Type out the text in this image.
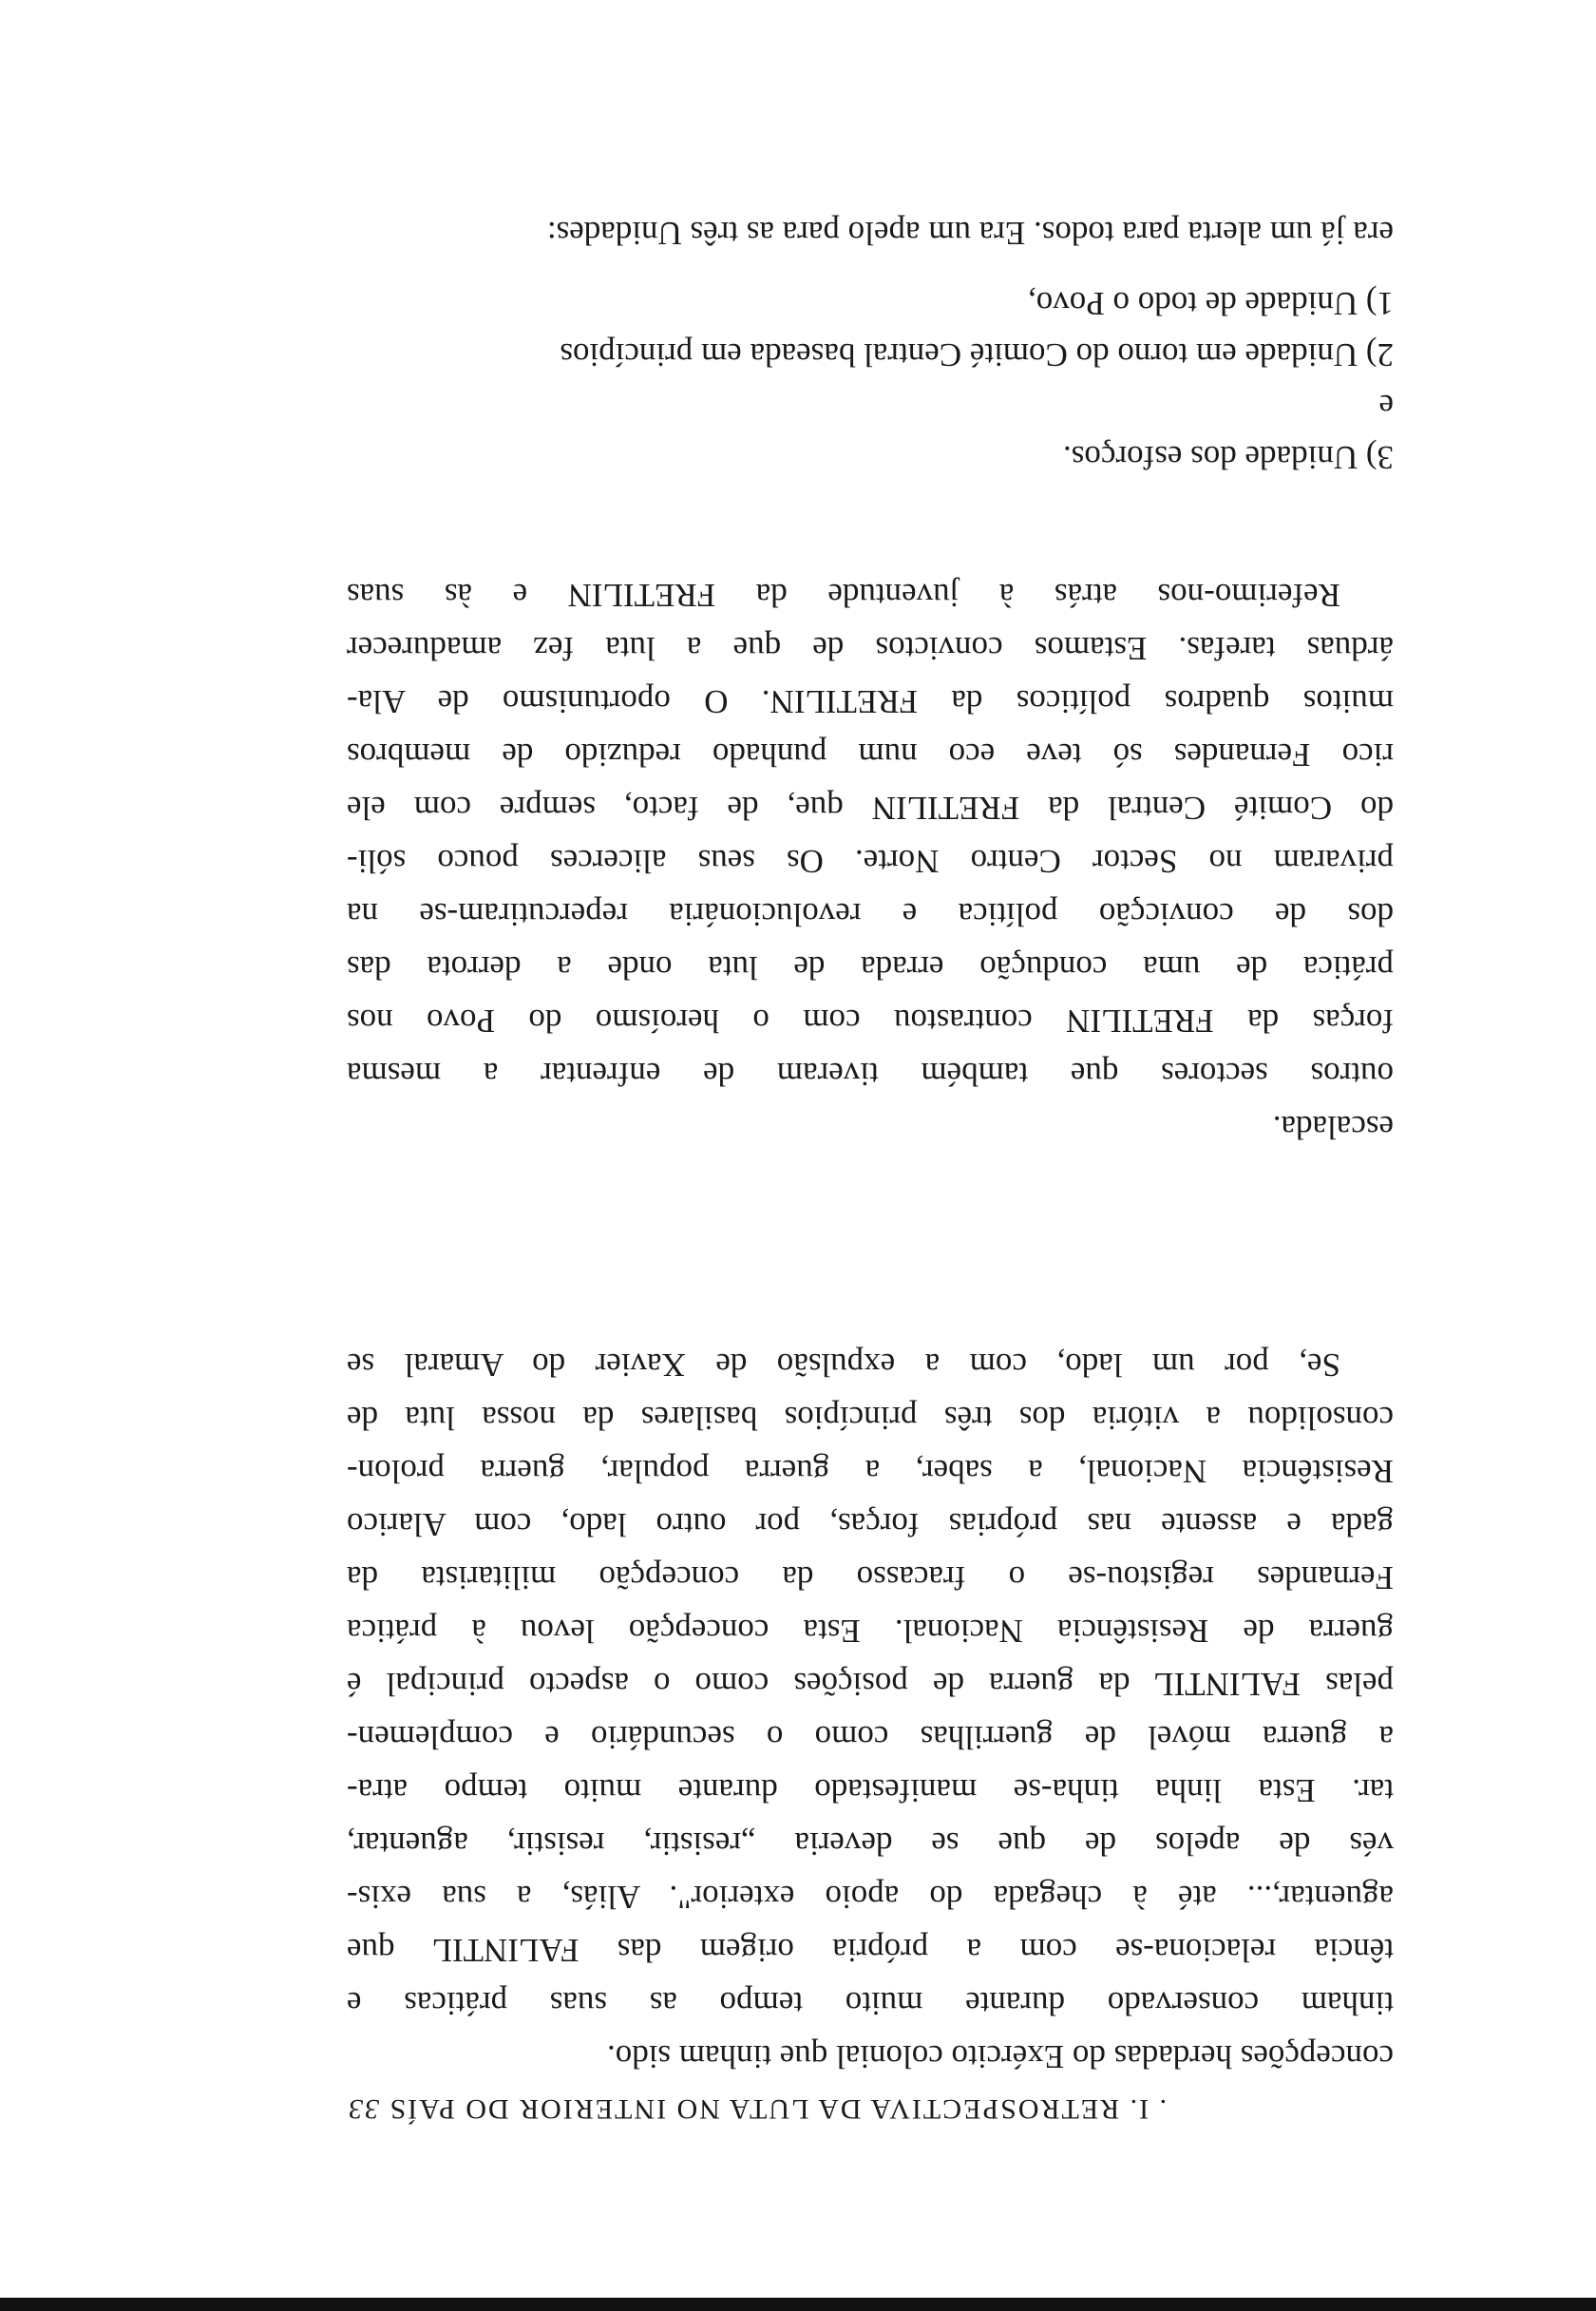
era já um alerta para todos. Era um apelo para as três Unidades:
1) Unidade de todo o Povo,
2) Unidade em torno do Comité Central baseada em princípios
e
3) Unidade dos esforços.
escalada.
outros sectores que também tiveram de enfrentar a mesma
forças da FRETILIN contrastou com o heroísmo do Povo nos
prática de uma condução errada de luta onde a derrota das
dos de convicção política e revolucionária repercutiram-se na
privaram no Sector Centro Norte. Os seus alicerces pouco sóli-
do Comité Central da FRETILIN que, de facto, sempre com ele
rico Fernandes só teve eco num punhado reduzido de membros
muitos quadros políticos da FRETILIN. O oportunismo de Ala-
árduas tarefas. Estamos convictos de que a luta fez amadurecer
Referimo-nos atrás à juventude da FRETILIN e às suas
concepções herdadas do Exército colonial que tinham sido.
tinham conservado durante muito tempo as suas práticas e
tência relaciona-se com a própria origem das FALINTIL que
aguentar,... até à chegada do apoio exterior". Aliás, a sua exis-
vés de apelos de que se deveria „resistir, resistir, aguentar,
tar. Esta linha tinha-se manifestado durante muito tempo atra-
a guerra móvel de guerrilhas como o secundário e complemen-
pelas FALINTIL da guerra de posições como o aspecto principal é
guerra de Resistência Nacional. Esta concepção levou à prática
Fernandes registou-se o fracasso da concepção militarista da
gada e assente nas próprias forças, por outro lado, com Alarico
Resistência Nacional, a saber, a guerra popular, guerra prolon-
consolidou a vitória dos três princípios basilares da nossa luta de
Se, por um lado, com a expulsão de Xavier do Amaral se
. I. RETROSPECTIVA DA LUTA NO INTERIOR DO PAÍS 33
